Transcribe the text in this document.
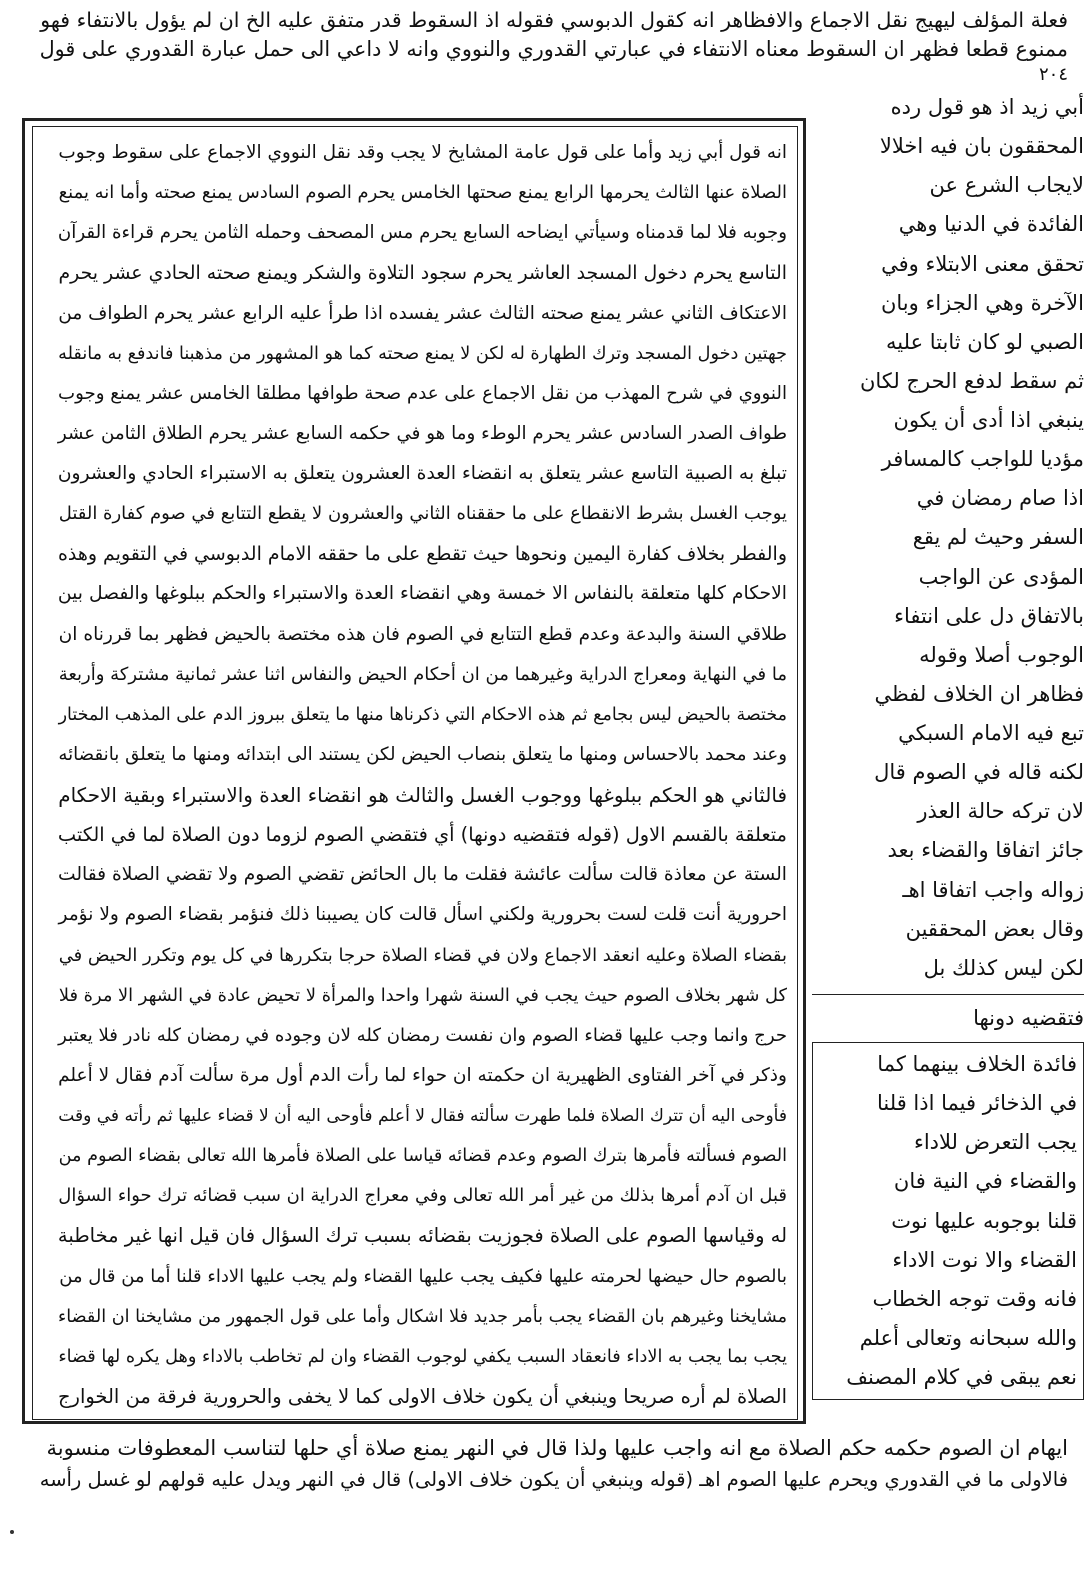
فعلة المؤلف ليهيج نقل الاجماع والافظاهر انه كقول الدبوسي فقوله اذ السقوط قدر متفق عليه الخ ان لم يؤول بالانتفاء فهو
ممنوع قطعا فظهر ان السقوط معناه الانتفاء في عبارتي القدوري والنووي وانه لا داعي الى حمل عبارة القدوري على قول
٢٠٤
أبي زيد اذ هو قول رده
المحققون بان فيه اخلالا
لايجاب الشرع عن
الفائدة في الدنيا وهي
تحقق معنى الابتلاء وفي
الآخرة وهي الجزاء وبان
الصبي لو كان ثابتا عليه
ثم سقط لدفع الحرج لكان
ينبغي اذا أدى أن يكون
مؤديا للواجب كالمسافر
اذا صام رمضان في
السفر وحيث لم يقع
المؤدى عن الواجب
بالاتفاق دل على انتفاء
الوجوب أصلا وقوله
فظاهر ان الخلاف لفظي
تبع فيه الامام السبكي
لكنه قاله في الصوم قال
لان تركه حالة العذر
جائز اتفاقا والقضاء بعد
زواله واجب اتفاقا اهـ
وقال بعض المحققين
لكن ليس كذلك بل
فتقضيه دونها
فائدة الخلاف بينهما كما
في الذخائر فيما اذا قلنا
يجب التعرض للاداء
والقضاء في النية فان
قلنا بوجوبه عليها نوت
القضاء والا نوت الاداء
فانه وقت توجه الخطاب
والله سبحانه وتعالى أعلم
نعم يبقى في كلام المصنف
انه قول أبي زيد وأما على قول عامة المشايخ لا يجب وقد نقل النووي الاجماع على سقوط وجوب
الصلاة عنها الثالث يحرمها الرابع يمنع صحتها الخامس يحرم الصوم السادس يمنع صحته وأما انه يمنع
وجوبه فلا لما قدمناه وسيأتي ايضاحه السابع يحرم مس المصحف وحمله الثامن يحرم قراءة القرآن
التاسع يحرم دخول المسجد العاشر يحرم سجود التلاوة والشكر ويمنع صحته الحادي عشر يحرم
الاعتكاف الثاني عشر يمنع صحته الثالث عشر يفسده اذا طرأ عليه الرابع عشر يحرم الطواف من
جهتين دخول المسجد وترك الطهارة له لكن لا يمنع صحته كما هو المشهور من مذهبنا فاندفع به مانقله
النووي في شرح المهذب من نقل الاجماع على عدم صحة طوافها مطلقا الخامس عشر يمنع وجوب
طواف الصدر السادس عشر يحرم الوطء وما هو في حكمه السابع عشر يحرم الطلاق الثامن عشر
تبلغ به الصبية التاسع عشر يتعلق به انقضاء العدة العشرون يتعلق به الاستبراء الحادي والعشرون
يوجب الغسل بشرط الانقطاع على ما حققناه الثاني والعشرون لا يقطع التتابع في صوم كفارة القتل
والفطر بخلاف كفارة اليمين ونحوها حيث تقطع على ما حققه الامام الدبوسي في التقويم وهذه
الاحكام كلها متعلقة بالنفاس الا خمسة وهي انقضاء العدة والاستبراء والحكم ببلوغها والفصل بين
طلاقي السنة والبدعة وعدم قطع التتابع في الصوم فان هذه مختصة بالحيض فظهر بما قررناه ان
ما في النهاية ومعراج الدراية وغيرهما من ان أحكام الحيض والنفاس اثنا عشر ثمانية مشتركة وأربعة
مختصة بالحيض ليس بجامع ثم هذه الاحكام التي ذكرناها منها ما يتعلق ببروز الدم على المذهب المختار
وعند محمد بالاحساس ومنها ما يتعلق بنصاب الحيض لكن يستند الى ابتدائه ومنها ما يتعلق بانقضائه
فالثاني هو الحكم ببلوغها ووجوب الغسل والثالث هو انقضاء العدة والاستبراء وبقية الاحكام
متعلقة بالقسم الاول (قوله فتقضيه دونها) أي فتقضي الصوم لزوما دون الصلاة لما في الكتب
الستة عن معاذة قالت سألت عائشة فقلت ما بال الحائض تقضي الصوم ولا تقضي الصلاة فقالت
احرورية أنت قلت لست بحرورية ولكني اسأل قالت كان يصيبنا ذلك فنؤمر بقضاء الصوم ولا نؤمر
بقضاء الصلاة وعليه انعقد الاجماع ولان في قضاء الصلاة حرجا بتكررها في كل يوم وتكرر الحيض في
كل شهر بخلاف الصوم حيث يجب في السنة شهرا واحدا والمرأة لا تحيض عادة في الشهر الا مرة فلا
حرج وانما وجب عليها قضاء الصوم وان نفست رمضان كله لان وجوده في رمضان كله نادر فلا يعتبر
وذكر في آخر الفتاوى الظهيرية ان حكمته ان حواء لما رأت الدم أول مرة سألت آدم فقال لا أعلم
فأوحى اليه أن تترك الصلاة فلما طهرت سألته فقال لا أعلم فأوحى اليه أن لا قضاء عليها ثم رأته في وقت
الصوم فسألته فأمرها بترك الصوم وعدم قضائه قياسا على الصلاة فأمرها الله تعالى بقضاء الصوم من
قبل ان آدم أمرها بذلك من غير أمر الله تعالى وفي معراج الدراية ان سبب قضائه ترك حواء السؤال
له وقياسها الصوم على الصلاة فجوزيت بقضائه بسبب ترك السؤال فان قيل انها غير مخاطبة
بالصوم حال حيضها لحرمته عليها فكيف يجب عليها القضاء ولم يجب عليها الاداء قلنا أما من قال من
مشايخنا وغيرهم بان القضاء يجب بأمر جديد فلا اشكال وأما على قول الجمهور من مشايخنا ان القضاء
يجب بما يجب به الاداء فانعقاد السبب يكفي لوجوب القضاء وان لم تخاطب بالاداء وهل يكره لها قضاء
الصلاة لم أره صريحا وينبغي أن يكون خلاف الاولى كما لا يخفى والحرورية فرقة من الخوارج
ايهام ان الصوم حكمه حكم الصلاة مع انه واجب عليها ولذا قال في النهر يمنع صلاة أي حلها لتناسب المعطوفات منسوبة
فالاولى ما في القدوري ويحرم عليها الصوم اهـ (قوله وينبغي أن يكون خلاف الاولى) قال في النهر ويدل عليه قولهم لو غسل رأسه
